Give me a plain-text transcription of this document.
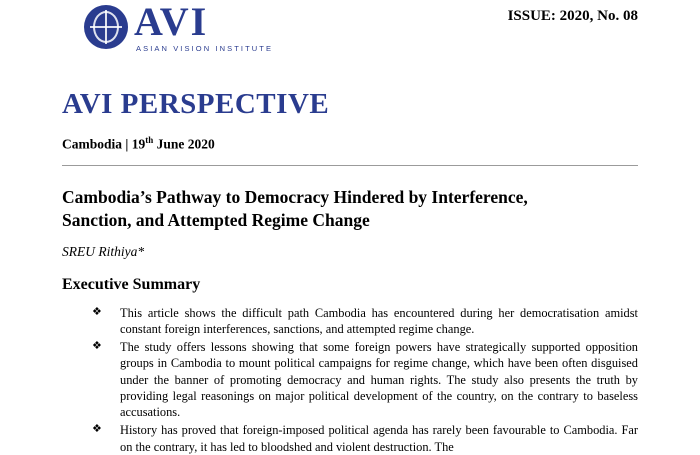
AVI
ASIAN VISION INSTITUTE
ISSUE: 2020, No. 08
AVI PERSPECTIVE
Cambodia | 19th June 2020
Cambodia’s Pathway to Democracy Hindered by Interference, Sanction, and Attempted Regime Change
SREU Rithiya*
Executive Summary
❖ This article shows the difficult path Cambodia has encountered during her democratisation amidst constant foreign interferences, sanctions, and attempted regime change.
❖ The study offers lessons showing that some foreign powers have strategically supported opposition groups in Cambodia to mount political campaigns for regime change, which have been often disguised under the banner of promoting democracy and human rights. The study also presents the truth by providing legal reasonings on major political development of the country, on the contrary to baseless accusations.
❖ History has proved that foreign-imposed political agenda has rarely been favourable to Cambodia. Far on the contrary, it has led to bloodshed and violent destruction. The
